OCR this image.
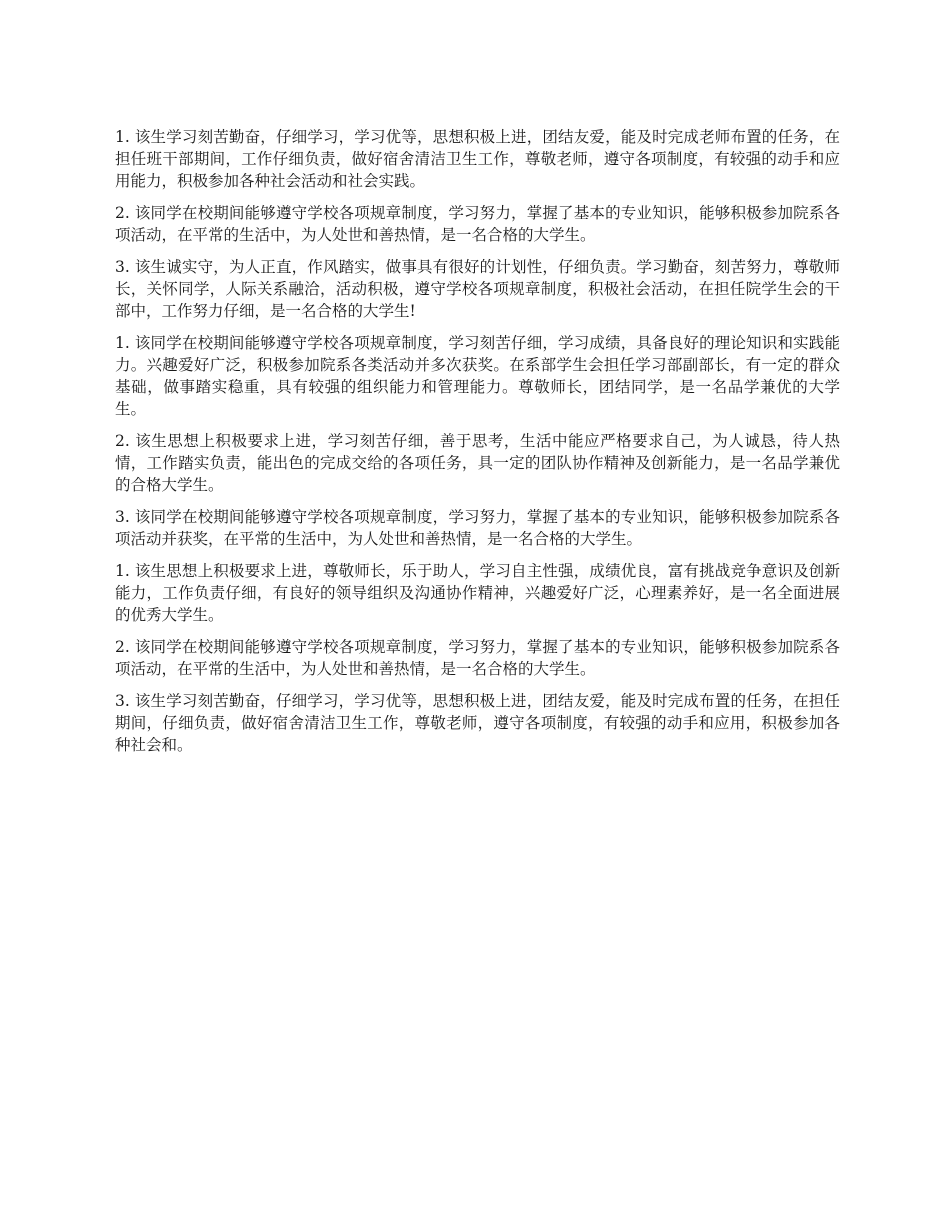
1. 该生学习刻苦勤奋，仔细学习，学习优等，思想积极上进，团结友爱，能及时完成老师布置的任务，在担任班干部期间，工作仔细负责，做好宿舍清洁卫生工作，尊敬老师，遵守各项制度，有较强的动手和应用能力，积极参加各种社会活动和社会实践。

2. 该同学在校期间能够遵守学校各项规章制度，学习努力，掌握了基本的专业知识，能够积极参加院系各项活动，在平常的生活中，为人处世和善热情，是一名合格的大学生。

3. 该生诚实守，为人正直，作风踏实，做事具有很好的计划性，仔细负责。学习勤奋，刻苦努力，尊敬师长，关怀同学，人际关系融洽，活动积极，遵守学校各项规章制度，积极社会活动，在担任院学生会的干部中，工作努力仔细，是一名合格的大学生!

1. 该同学在校期间能够遵守学校各项规章制度，学习刻苦仔细，学习成绩，具备良好的理论知识和实践能力。兴趣爱好广泛，积极参加院系各类活动并多次获奖。在系部学生会担任学习部副部长，有一定的群众基础，做事踏实稳重，具有较强的组织能力和管理能力。尊敬师长，团结同学，是一名品学兼优的大学生。

2. 该生思想上积极要求上进，学习刻苦仔细，善于思考，生活中能应严格要求自己，为人诚恳，待人热情，工作踏实负责，能出色的完成交给的各项任务，具一定的团队协作精神及创新能力，是一名品学兼优的合格大学生。

3. 该同学在校期间能够遵守学校各项规章制度，学习努力，掌握了基本的专业知识，能够积极参加院系各项活动并获奖，在平常的生活中，为人处世和善热情，是一名合格的大学生。

1. 该生思想上积极要求上进，尊敬师长，乐于助人，学习自主性强，成绩优良，富有挑战竞争意识及创新能力，工作负责仔细，有良好的领导组织及沟通协作精神，兴趣爱好广泛，心理素养好，是一名全面进展的优秀大学生。

2. 该同学在校期间能够遵守学校各项规章制度，学习努力，掌握了基本的专业知识，能够积极参加院系各项活动，在平常的生活中，为人处世和善热情，是一名合格的大学生。

3. 该生学习刻苦勤奋，仔细学习，学习优等，思想积极上进，团结友爱，能及时完成布置的任务，在担任期间，仔细负责，做好宿舍清洁卫生工作，尊敬老师，遵守各项制度，有较强的动手和应用，积极参加各种社会和。
